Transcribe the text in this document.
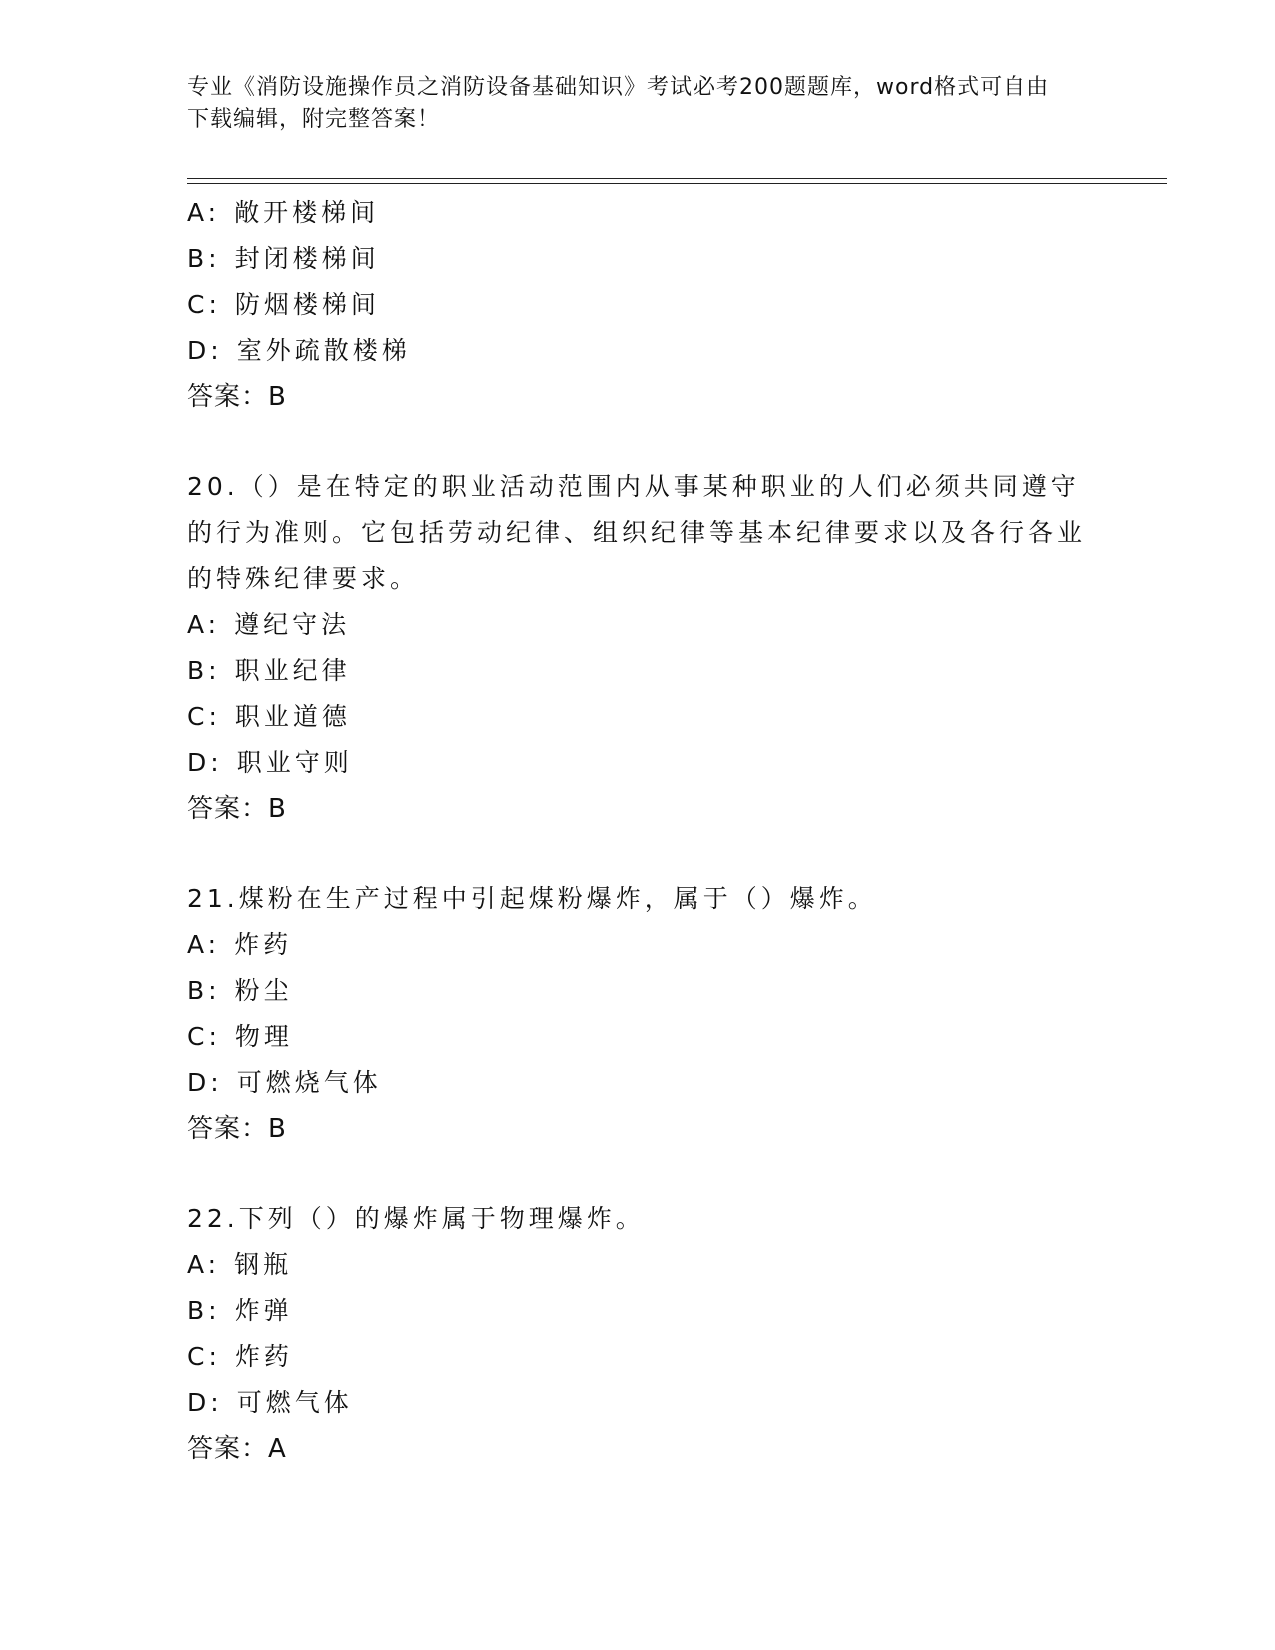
专业《消防设施操作员之消防设备基础知识》考试必考200题题库，word格式可自由下载编辑，附完整答案！
A: 敞开楼梯间
B: 封闭楼梯间
C: 防烟楼梯间
D: 室外疏散楼梯
答案：B
20.（）是在特定的职业活动范围内从事某种职业的人们必须共同遵守的行为准则。它包括劳动纪律、组织纪律等基本纪律要求以及各行各业的特殊纪律要求。
A: 遵纪守法
B: 职业纪律
C: 职业道德
D: 职业守则
答案：B
21.煤粉在生产过程中引起煤粉爆炸，属于（）爆炸。
A: 炸药
B: 粉尘
C: 物理
D: 可燃烧气体
答案：B
22.下列（）的爆炸属于物理爆炸。
A: 钢瓶
B: 炸弹
C: 炸药
D: 可燃气体
答案：A
